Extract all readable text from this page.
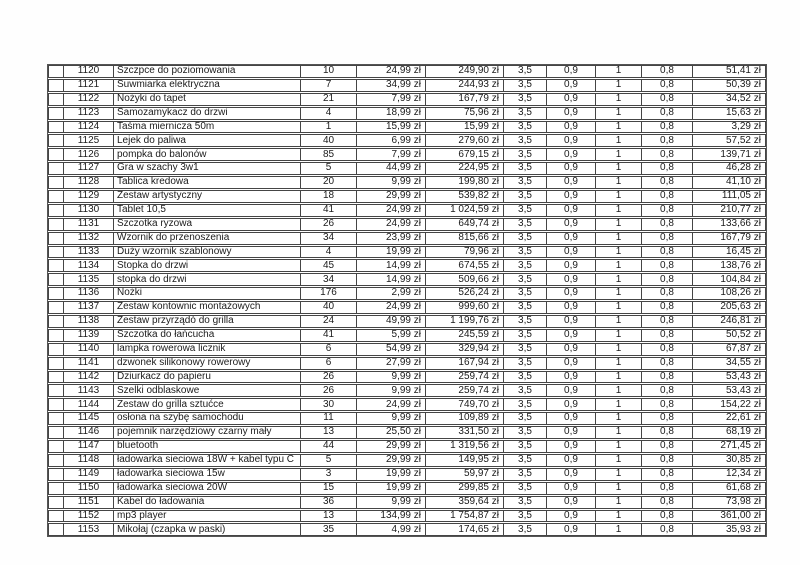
1120	Szczpce do poziomowania	10	24,99 zł	249,90 zł	3,5	0,9	1	0,8	51,41 zł
1121	Suwmiarka elektryczna	7	34,99 zł	244,93 zł	3,5	0,9	1	0,8	50,39 zł
1122	Nożyki do tapet	21	7,99 zł	167,79 zł	3,5	0,9	1	0,8	34,52 zł
1123	Samozamykacz do drzwi	4	18,99 zł	75,96 zł	3,5	0,9	1	0,8	15,63 zł
1124	Taśma miernicza 50m	1	15,99 zł	15,99 zł	3,5	0,9	1	0,8	3,29 zł
1125	Lejek do paliwa	40	6,99 zł	279,60 zł	3,5	0,9	1	0,8	57,52 zł
1126	pompka do balonów	85	7,99 zł	679,15 zł	3,5	0,9	1	0,8	139,71 zł
1127	Gra w szachy 3w1	5	44,99 zł	224,95 zł	3,5	0,9	1	0,8	46,28 zł
1128	Tablica kredowa	20	9,99 zł	199,80 zł	3,5	0,9	1	0,8	41,10 zł
1129	Zestaw artystyczny	18	29,99 zł	539,82 zł	3,5	0,9	1	0,8	111,05 zł
1130	Tablet 10,5	41	24,99 zł	1 024,59 zł	3,5	0,9	1	0,8	210,77 zł
1131	Szczotka ryzowa	26	24,99 zł	649,74 zł	3,5	0,9	1	0,8	133,66 zł
1132	Wzornik do przenoszenia	34	23,99 zł	815,66 zł	3,5	0,9	1	0,8	167,79 zł
1133	Duży wzornik szablonowy	4	19,99 zł	79,96 zł	3,5	0,9	1	0,8	16,45 zł
1134	Stopka do drzwi	45	14,99 zł	674,55 zł	3,5	0,9	1	0,8	138,76 zł
1135	stopka do drzwi	34	14,99 zł	509,66 zł	3,5	0,9	1	0,8	104,84 zł
1136	Nożki	176	2,99 zł	526,24 zł	3,5	0,9	1	0,8	108,26 zł
1137	Zestaw kontownic montażowych	40	24,99 zł	999,60 zł	3,5	0,9	1	0,8	205,63 zł
1138	Zestaw przyrządó do grilla	24	49,99 zł	1 199,76 zł	3,5	0,9	1	0,8	246,81 zł
1139	Szczotka do łańcucha	41	5,99 zł	245,59 zł	3,5	0,9	1	0,8	50,52 zł
1140	lampka rowerowa licznik	6	54,99 zł	329,94 zł	3,5	0,9	1	0,8	67,87 zł
1141	dzwonek silikonowy rowerowy	6	27,99 zł	167,94 zł	3,5	0,9	1	0,8	34,55 zł
1142	Dziurkacz do papieru	26	9,99 zł	259,74 zł	3,5	0,9	1	0,8	53,43 zł
1143	Szelki odblaskowe	26	9,99 zł	259,74 zł	3,5	0,9	1	0,8	53,43 zł
1144	Zestaw do grilla sztućce	30	24,99 zł	749,70 zł	3,5	0,9	1	0,8	154,22 zł
1145	osłona na szybę samochodu	11	9,99 zł	109,89 zł	3,5	0,9	1	0,8	22,61 zł
1146	pojemnik narzędziowy czarny mały	13	25,50 zł	331,50 zł	3,5	0,9	1	0,8	68,19 zł
1147	bluetooth	44	29,99 zł	1 319,56 zł	3,5	0,9	1	0,8	271,45 zł
1148	ładowarka sieciowa 18W + kabel typu C	5	29,99 zł	149,95 zł	3,5	0,9	1	0,8	30,85 zł
1149	ładowarka sieciowa 15w	3	19,99 zł	59,97 zł	3,5	0,9	1	0,8	12,34 zł
1150	ładowarka sieciowa 20W	15	19,99 zł	299,85 zł	3,5	0,9	1	0,8	61,68 zł
1151	Kabel do ładowania	36	9,99 zł	359,64 zł	3,5	0,9	1	0,8	73,98 zł
1152	mp3 player	13	134,99 zł	1 754,87 zł	3,5	0,9	1	0,8	361,00 zł
1153	Mikołaj (czapka w paski)	35	4,99 zł	174,65 zł	3,5	0,9	1	0,8	35,93 zł
